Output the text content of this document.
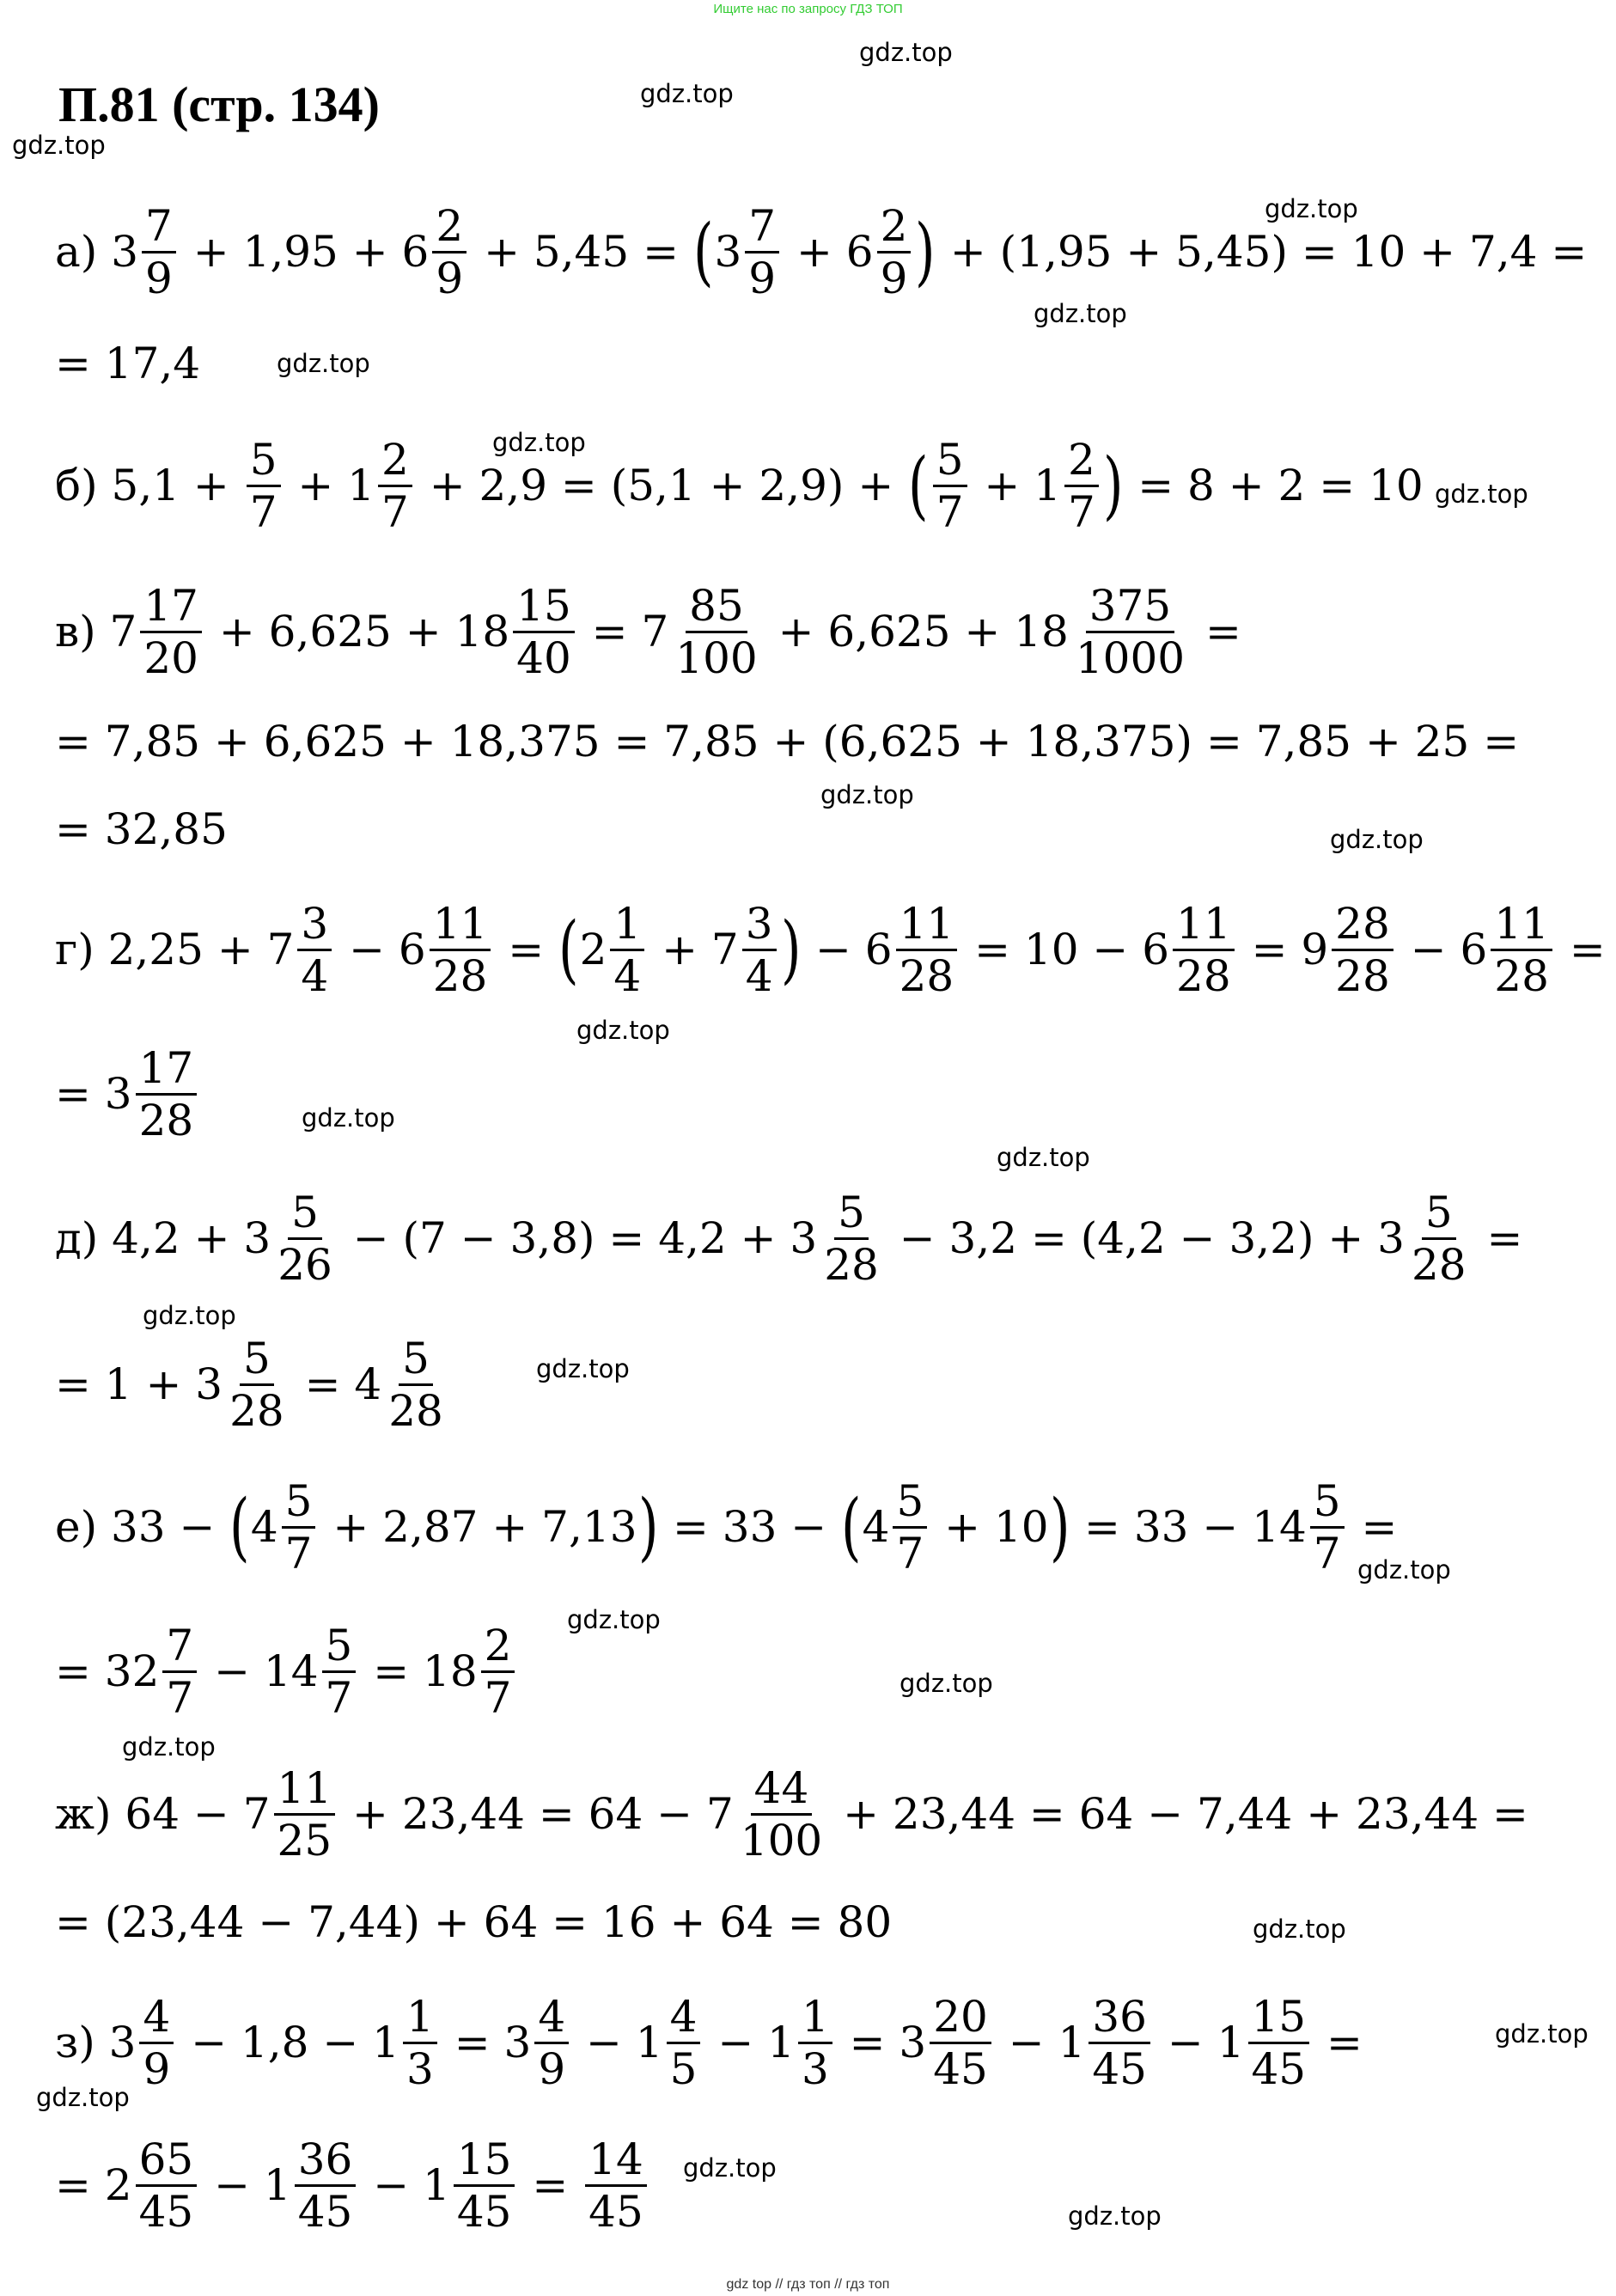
Ищите нас по запросу ГДЗ ТОП
П.81 (стр. 134)
gdz.top
gdz.top
gdz.top
gdz.top
gdz.top
gdz.top
gdz.top
gdz.top
gdz.top
gdz.top
gdz.top
gdz.top
gdz.top
gdz.top
gdz.top
gdz.top
gdz.top
gdz.top
gdz.top
gdz.top
gdz.top
gdz.top
gdz.top
gdz.top
а) $3 \frac{7}{9} + 1,95 + 6 \frac{2}{9} + 5,45$ = ( $3 \frac{7}{9} + 6 \frac{2}{9}$ ) + (1,95 + 5,45) = 10 + 7,4 =
= 17,4
б) $5,1 + \frac{5}{7} + 1 \frac{2}{7} + 2,9 = (5,1 + 2,9)$ + ( $\frac{5}{7} + 1 \frac{2}{7}$ ) = 8 + 2 = 10
в) $7 \frac{17}{20} + 6,625 + 18 \frac{15}{40} = 7 \frac{85}{100} + 6,625 + 18 \frac{375}{1000}$ =
= 7,85 + 6,625 + 18,375 = 7,85 + (6,625 + 18,375) = 7,85 + 25 =
= 32,85
г) $2,25 + 7 \frac{3}{4} - 6 \frac{11}{28}$ = ( $2 \frac{1}{4} + 7 \frac{3}{4}$ ) − $6 \frac{11}{28} = 10 - 6 \frac{11}{28} = 9 \frac{28}{28} - 6 \frac{11}{28}$ =
= $3 \frac{17}{28}$
д) $4,2 + 3 \frac{5}{26} - (7 - 3,8) = 4,2 + 3 \frac{5}{28} - 3,2 = (4,2 - 3,2) + 3 \frac{5}{28}$ =
= $1 + 3 \frac{5}{28} = 4 \frac{5}{28}$
е) 33 − ( $4 \frac{5}{7} + 2,87 + 7,13$ ) = 33 − ( $4 \frac{5}{7} + 10$ ) = $33 - 14 \frac{5}{7}$ =
= $32 \frac{7}{7} - 14 \frac{5}{7} = 18 \frac{2}{7}$
ж) $64 - 7 \frac{11}{25} + 23,44 = 64 - 7 \frac{44}{100} + 23,44 = 64 - 7,44 + 23,44$ =
= (23,44 − 7,44) + 64 = 16 + 64 = 80
з) $3 \frac{4}{9} - 1,8 - 1 \frac{1}{3} = 3 \frac{4}{9} - 1 \frac{4}{5} - 1 \frac{1}{3} = 3 \frac{20}{45} - 1 \frac{36}{45} - 1 \frac{15}{45}$ =
= $2 \frac{65}{45} - 1 \frac{36}{45} - 1 \frac{15}{45} = \frac{14}{45}$
gdz top // гдз топ // гдз топ
